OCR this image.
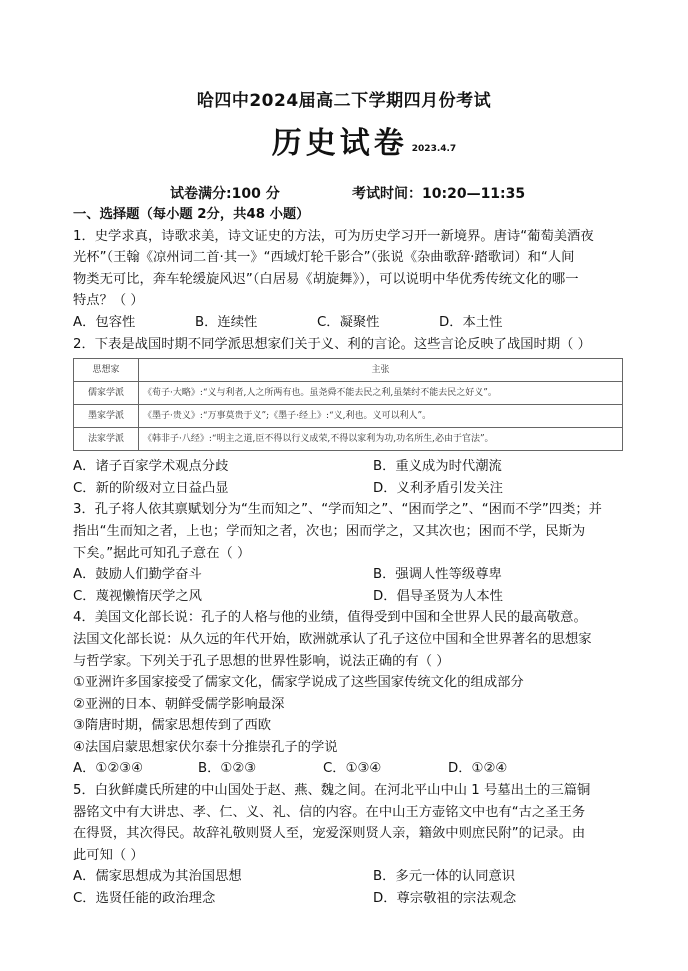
哈四中2024届高二下学期四月份考试
历史试卷 2023.4.7
试卷满分:100 分	考试时间：10:20—11:35
一、选择题（每小题 2分，共48 小题）

1．史学求真，诗歌求美，诗文证史的方法，可为历史学习开一新境界。唐诗“葡萄美酒夜

光杯”（王翰《凉州词二首·其一》“西域灯轮千影合”（张说《杂曲歌辞·踏歌词）和“人间

物类无可比，奔车轮缓旋风迟”（白居易《胡旋舞》），可以说明中华优秀传统文化的哪一

特点？（ ）

A．包容性	B．连续性	C．凝聚性	D．本土性

2．下表是战国时期不同学派思想家们关于义、利的言论。这些言论反映了战国时期（ ）

思想家	主张
儒家学派	《荀子·大略》:“义与利者,人之所两有也。虽尧舜不能去民之利,虽桀纣不能去民之好义”。
墨家学派	《墨子·贵义》:“万事莫贵于义”;《墨子·经上》:“义,利也。义可以利人”。
法家学派	《韩非子·八经》:“明主之道,臣不得以行义成荣,不得以家利为功,功名所生,必由于官法”。
A．诸子百家学术观点分歧	B．重义成为时代潮流
C．新的阶级对立日益凸显	D．义利矛盾引发关注

3．孔子将人依其禀赋划分为“生而知之”、“学而知之”、“困而学之”、“困而不学”四类；并

指出“生而知之者，上也；学而知之者，次也；困而学之，又其次也；困而不学，民斯为

下矣。”据此可知孔子意在（ ）

A．鼓励人们勤学奋斗	B．强调人性等级尊卑
C．蔑视懒惰厌学之风	D．倡导圣贤为人本性

4．美国文化部长说：孔子的人格与他的业绩，值得受到中国和全世界人民的最高敬意。

法国文化部长说：从久远的年代开始，欧洲就承认了孔子这位中国和全世界著名的思想家

与哲学家。下列关于孔子思想的世界性影响，说法正确的有（ ）

①亚洲许多国家接受了儒家文化，儒家学说成了这些国家传统文化的组成部分

②亚洲的日本、朝鲜受儒学影响最深

③隋唐时期，儒家思想传到了西欧

④法国启蒙思想家伏尔泰十分推崇孔子的学说

A．①②③④	B．①②③	C．①③④	D．①②④

5．白狄鲜虞氏所建的中山国处于赵、燕、魏之间。在河北平山中山 1 号墓出土的三篇铜

器铭文中有大讲忠、孝、仁、义、礼、信的内容。在中山王方壶铭文中也有“古之圣王务

在得贤，其次得民。故辞礼敬则贤人至，宠爱深则贤人亲，籍敛中则庶民附”的记录。由

此可知（ ）

A．儒家思想成为其治国思想	B．多元一体的认同意识
C．选贤任能的政治理念	D．尊宗敬祖的宗法观念
